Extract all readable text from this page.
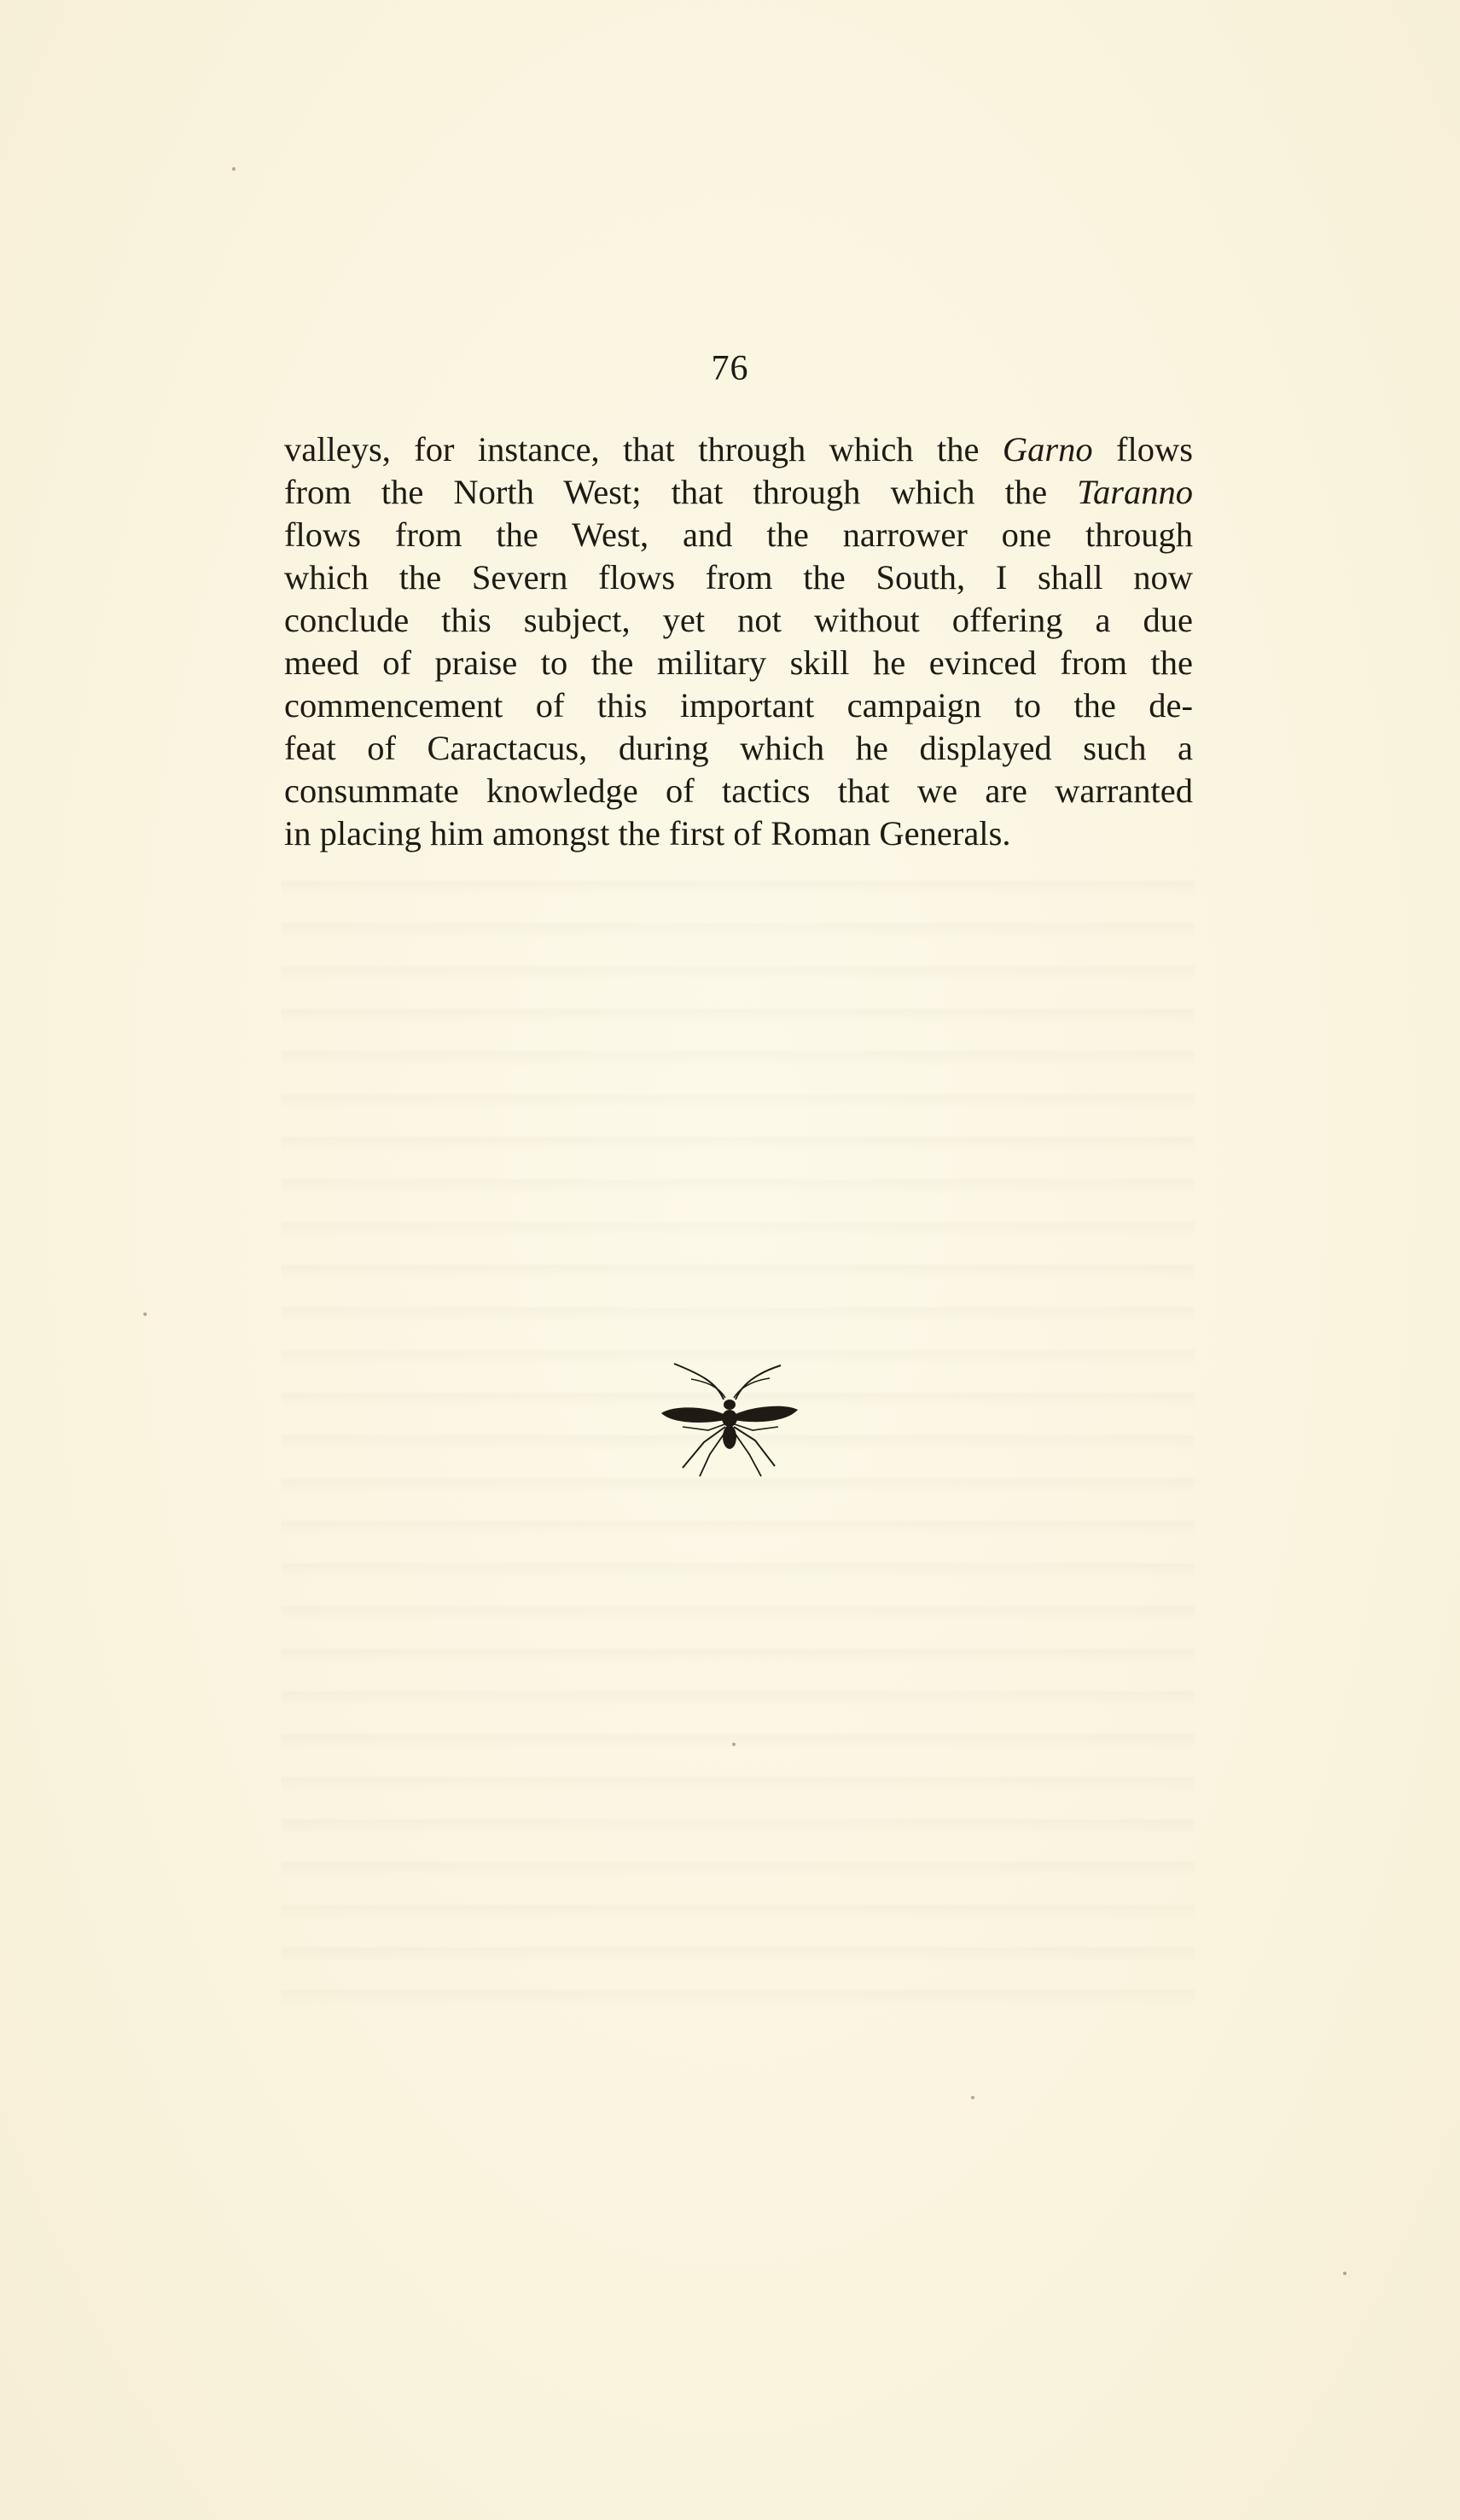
76
valleys, for instance, that through which the Garno flows
from the North West; that through which the Taranno
flows from the West, and the narrower one through
which the Severn flows from the South, I shall now
conclude this subject, yet not without offering a due
meed of praise to the military skill he evinced from the
commencement of this important campaign to the de-
feat of Caractacus, during which he displayed such a
consummate knowledge of tactics that we are warranted
in placing him amongst the first of Roman Generals.
